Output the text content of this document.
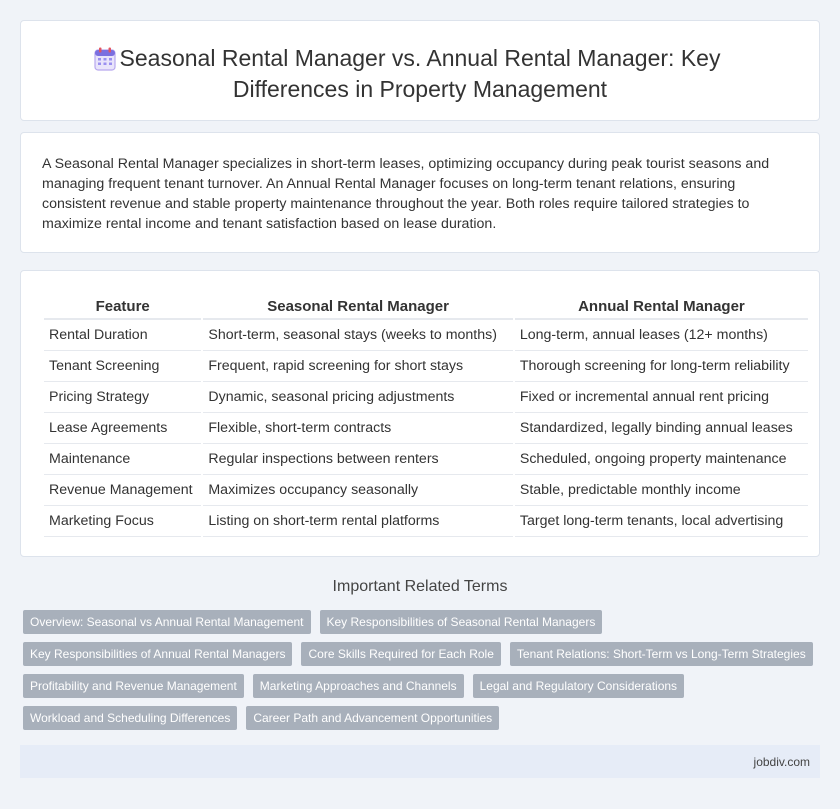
Seasonal Rental Manager vs. Annual Rental Manager: Key Differences in Property Management

A Seasonal Rental Manager specializes in short-term leases, optimizing occupancy during peak tourist seasons and managing frequent tenant turnover. An Annual Rental Manager focuses on long-term tenant relations, ensuring consistent revenue and stable property maintenance throughout the year. Both roles require tailored strategies to maximize rental income and tenant satisfaction based on lease duration.

Feature	Seasonal Rental Manager	Annual Rental Manager
Rental Duration	Short-term, seasonal stays (weeks to months)	Long-term, annual leases (12+ months)
Tenant Screening	Frequent, rapid screening for short stays	Thorough screening for long-term reliability
Pricing Strategy	Dynamic, seasonal pricing adjustments	Fixed or incremental annual rent pricing
Lease Agreements	Flexible, short-term contracts	Standardized, legally binding annual leases
Maintenance	Regular inspections between renters	Scheduled, ongoing property maintenance
Revenue Management	Maximizes occupancy seasonally	Stable, predictable monthly income
Marketing Focus	Listing on short-term rental platforms	Target long-term tenants, local advertising
Important Related Terms
Overview: Seasonal vs Annual Rental Management	Key Responsibilities of Seasonal Rental Managers
Key Responsibilities of Annual Rental Managers	Core Skills Required for Each Role	Tenant Relations: Short-Term vs Long-Term Strategies
Profitability and Revenue Management	Marketing Approaches and Channels	Legal and Regulatory Considerations
Workload and Scheduling Differences	Career Path and Advancement Opportunities
jobdiv.com
